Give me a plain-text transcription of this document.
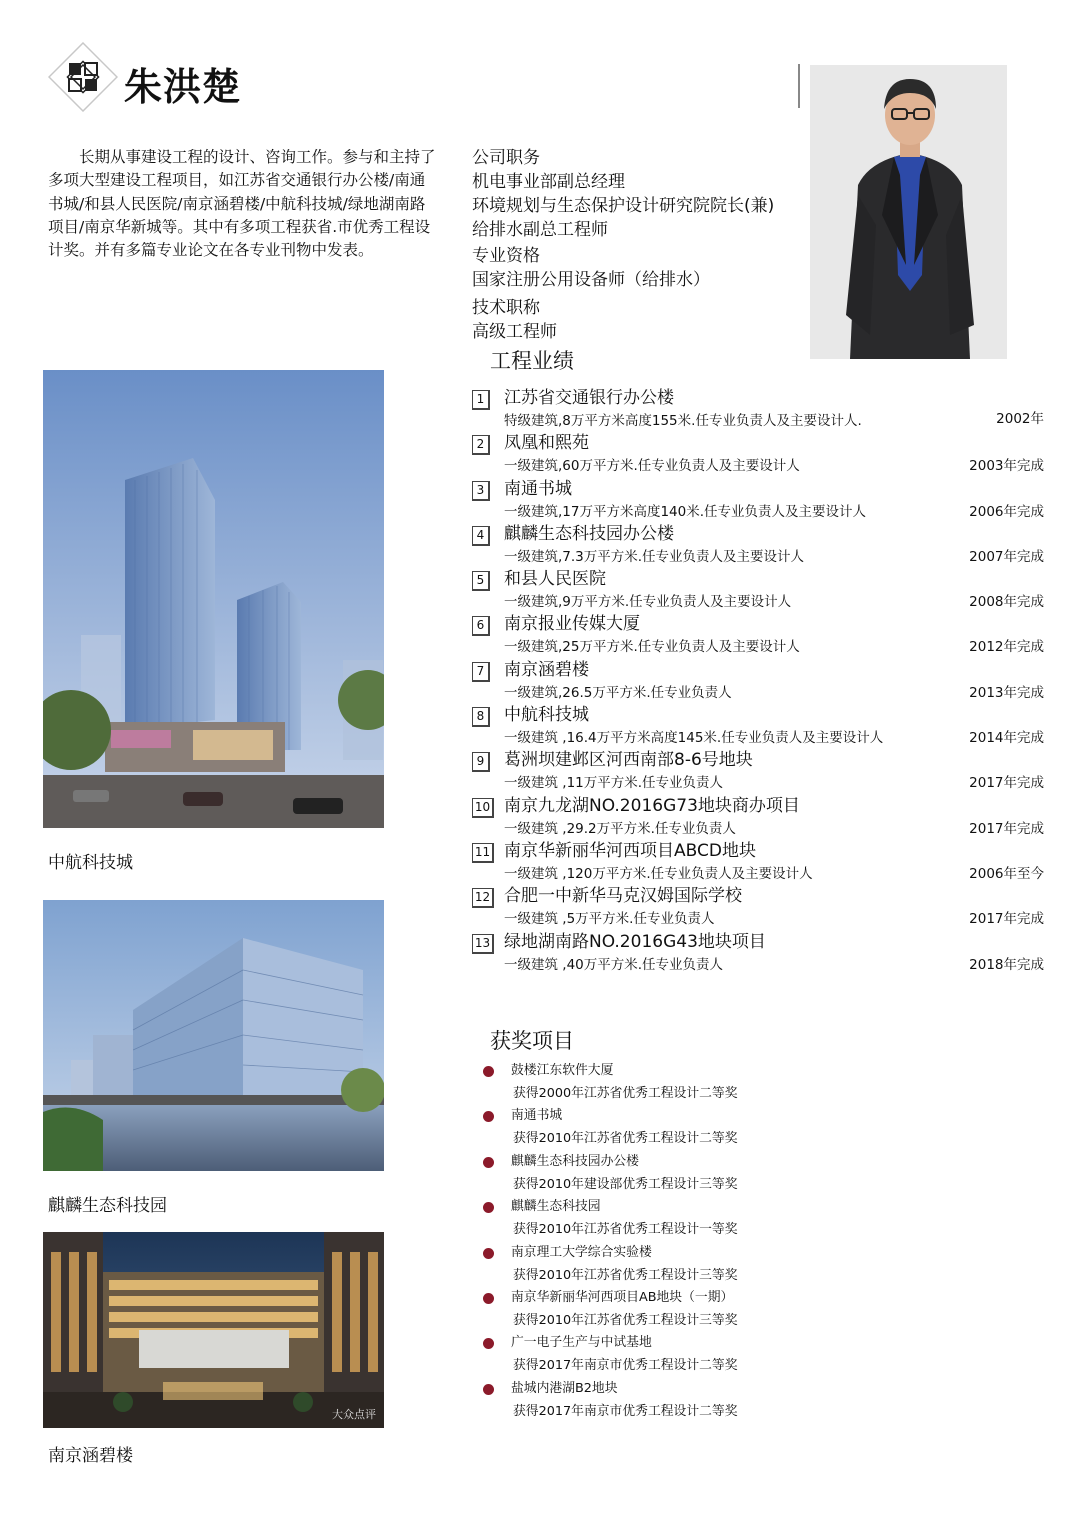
朱洪楚

长期从事建设工程的设计、咨询工作。参与和主持了多项大型建设工程项目，如江苏省交通银行办公楼/南通书城/和县人民医院/南京涵碧楼/中航科技城/绿地湖南路项目/南京华新城等。其中有多项工程获省.市优秀工程设计奖。并有多篇专业论文在各专业刊物中发表。

公司职务
机电事业部副总经理
环境规划与生态保护设计研究院院长(兼)
给排水副总工程师
专业资格
国家注册公用设备师（给排水）
技术职称
高级工程师
工程业绩
1	江苏省交通银行办公楼
特级建筑,8万平方米高度155米.任专业负责人及主要设计人.	2002年
2	凤凰和熙苑
一级建筑,60万平方米.任专业负责人及主要设计人	2003年完成
3	南通书城
一级建筑,17万平方米高度140米.任专业负责人及主要设计人	2006年完成
4	麒麟生态科技园办公楼
一级建筑,7.3万平方米.任专业负责人及主要设计人	2007年完成
5	和县人民医院
一级建筑,9万平方米.任专业负责人及主要设计人	2008年完成
6	南京报业传媒大厦
一级建筑,25万平方米.任专业负责人及主要设计人	2012年完成
7	南京涵碧楼
一级建筑,26.5万平方米.任专业负责人	2013年完成
8	中航科技城
一级建筑 ,16.4万平方米高度145米.任专业负责人及主要设计人	2014年完成
9	葛洲坝建邺区河西南部8-6号地块
一级建筑 ,11万平方米.任专业负责人	2017年完成
10 南京九龙湖NO.2016G73地块商办项目
一级建筑 ,29.2万平方米.任专业负责人	2017年完成
11 南京华新丽华河西项目ABCD地块
一级建筑 ,120万平方米.任专业负责人及主要设计人	2006年至今
12 合肥一中新华马克汉姆国际学校
一级建筑 ,5万平方米.任专业负责人	2017年完成
13 绿地湖南路NO.2016G43地块项目
一级建筑 ,40万平方米.任专业负责人	2018年完成
获奖项目
鼓楼江东软件大厦
获得2000年江苏省优秀工程设计二等奖
南通书城
获得2010年江苏省优秀工程设计二等奖
麒麟生态科技园办公楼
获得2010年建设部优秀工程设计三等奖
麒麟生态科技园
获得2010年江苏省优秀工程设计一等奖
南京理工大学综合实验楼
获得2010年江苏省优秀工程设计三等奖
南京华新丽华河西项目AB地块（一期）
获得2010年江苏省优秀工程设计三等奖
广一电子生产与中试基地
获得2017年南京市优秀工程设计二等奖
盐城内港湖B2地块
获得2017年南京市优秀工程设计二等奖
中航科技城
麒麟生态科技园
大众点评
南京涵碧楼
